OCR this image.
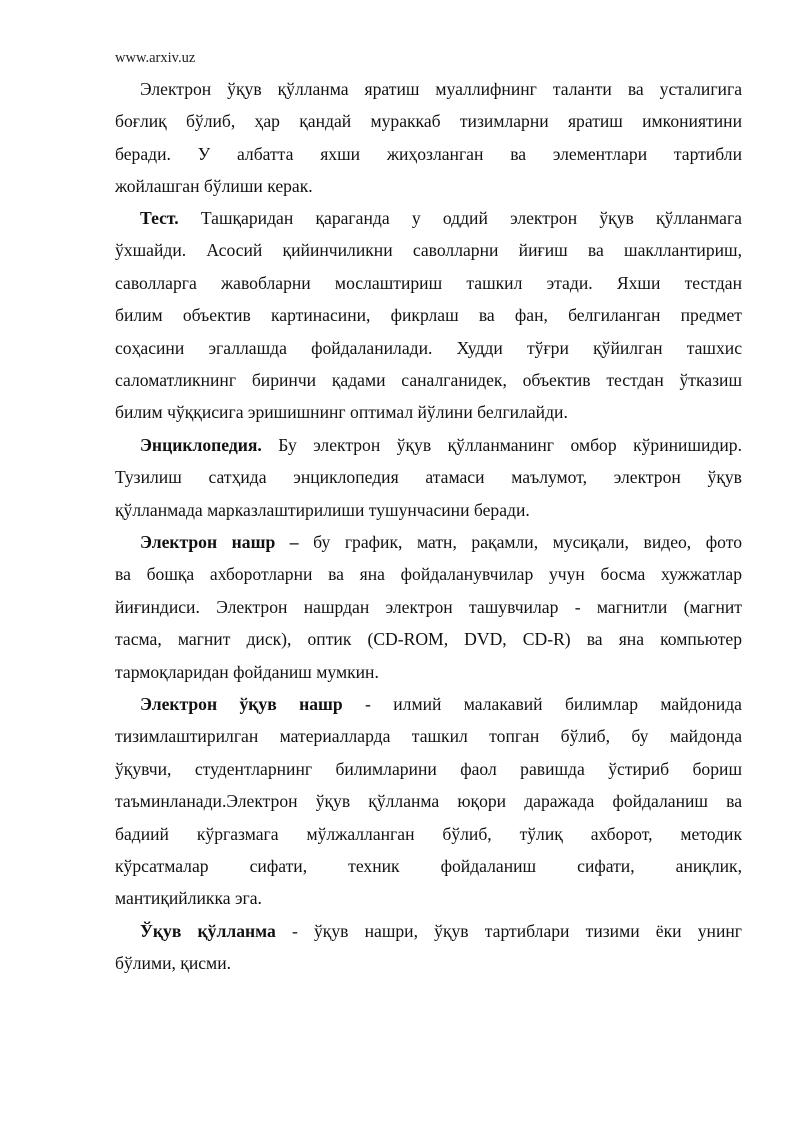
www.arxiv.uz
Электрон ўқув қўлланма яратиш муаллифнинг таланти ва усталигига
боғлиқ бўлиб, ҳар қандай мураккаб тизимларни яратиш имкониятини
беради. У албатта яхши жиҳозланган ва элементлари тартибли
жойлашган бўлиши керак.
Тест. Ташқаридан қараганда у оддий электрон ўқув қўлланмага
ўхшайди. Асосий қийинчиликни саволларни йиғиш ва шакллантириш,
саволларга жавобларни мослаштириш ташкил этади. Яхши тестдан
билим объектив картинасини, фикрлаш ва фан, белгиланган предмет
соҳасини эгаллашда фойдаланилади. Худди тўғри қўйилган ташхис
саломатликнинг биринчи қадами саналганидек, объектив тестдан ўтказиш
билим чўққисига эришишнинг оптимал йўлини белгилайди.
Энциклопедия. Бу электрон ўқув қўлланманинг омбор кўринишидир.
Тузилиш сатҳида энциклопедия атамаси маълумот, электрон ўқув
қўлланмада марказлаштирилиши тушунчасини беради.
Электрон нашр – бу график, матн, рақамли, мусиқали, видео, фото
ва бошқа ахборотларни ва яна фойдаланувчилар учун босма хужжатлар
йиғиндиси. Электрон нашрдан электрон ташувчилар - магнитли (магнит
тасма, магнит диск), оптик (CD-ROM, DVD, CD-R) ва яна компьютер
тармоқларидан фойданиш мумкин.
Электрон ўқув нашр - илмий малакавий билимлар майдонида
тизимлаштирилган материалларда ташкил топган бўлиб, бу майдонда
ўқувчи, студентларнинг билимларини фаол равишда ўстириб бориш
таъминланади.Электрон ўқув қўлланма юқори даражада фойдаланиш ва
бадиий кўргазмага мўлжалланган бўлиб, тўлиқ ахборот, методик
кўрсатмалар сифати, техник фойдаланиш сифати, аниқлик,
мантиқийликка эга.
Ўқув қўлланма - ўқув нашри, ўқув тартиблари тизими ёки унинг
бўлими, қисми.
